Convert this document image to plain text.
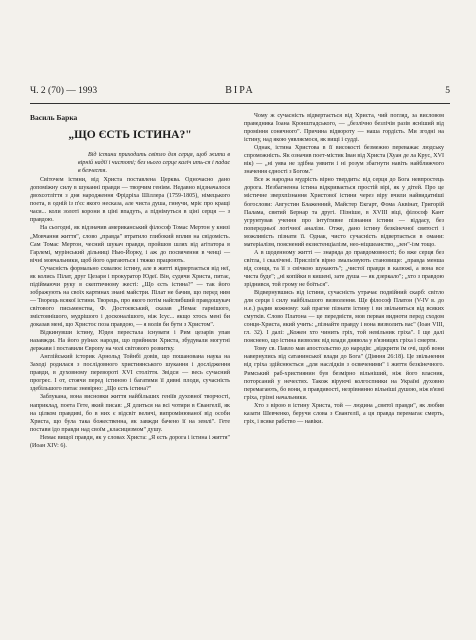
Ч. 2 (70) — 1993	ВІРА	5
Василь Барка
„ЩО ЄСТЬ ІСТИНА?"

Від істини приходить світло для серця, щоб жити в вірній надії і чистоті; без нього серце каліч ить-ся і падає в безчестя.

Світочем істини, від Христа поставлена Церква. Одночасно дано допоміжну силу в шуканні правди — творчим геніям. Недавно відзначалося двохсотліття з дня народження Фрідріха Шіллера (1759-1805), німецького поета, в одній із п'єс якого несказа, але чиста душа, гинучи, мріє про кращі часи... коли золоті корони в ціні впадуть, а піднімуться в ціні серця — з правдою.

На сьогодні, як відзначив американський філософ Томас Мертон у книзі „Мовчання життя", слово „правда" втратило глибокий вплив на свідомість. Сам Томас Мертон, чесний шукач правди, пройшов шлях від агітатора в Гарлемі, мурінський дільниці Нью-Йорку, і аж до посвячення в ченці — вічні мовчальники, щоб його одягаються і тяжко працюють.

Сучасність формально схвалює істину, але в житті відвертається від неї, як колись Пілат, друг Цезаря і прокуратор Юдеї. Він, судячи Христа, питає, підіймаючи руку в скептичному жесті: „Що єсть істина?" — так його зображують на своїх картинах знані майстри. Пілат не бачив, що перед ним — Творець всякої істини. Творець, про якого потім найглибший правдошукач світового письменства, Ф. Достоєвський, сказав „Немає гарнішого, змістовнішого, мудрішого і досконалішого, ніж Ісус... якщо хтось мені би доказав мені, що Христос поза правдою, — я волів би бути з Христом".

Відкинувши істину, Юдея перестала існувати і Рим цезарів упав назавжди. На його руїнах народи, що прийняли Христа, збудували могутні держави і поставили Європу на чолі світового розвитку.

Англійський історик Арнольд Тойнбі довів, що пошанована наука на Заході родилася з послідовного християнського шукання і дослідження правди, в духовному перевороті XVI століття. Звідси — весь сучасний прогрес. І от, стоячи перед істиною і багатими її дивні плоди, сучасність здебільшого питає зневірно: „Що єсть істина?"

Заблукана, вона висновки життя найбільших геніїв духовної творчості, наприклад, поета Гете, який писав: „Я длиться на всі чотири в Євангелії, як на цілком правдиві, бо в них є відсвіт величі, випромінюваної від особи Христа, що була така божественна, як завжди бачено її на землі". Гете постави ідо правди над своїм „класицизмом" душу.

Немає вищої правди, як у словах Христа: „Я єсть дорога і істина і життя" (Иоан XIV: 6).

Чому ж сучасність відвертається від Христа, чий погляд, за висловом праведника Іоана Кронштадського, — „безлічно безлічів разів ясніший від проміння сонячного". Причина відвороту — наша гордість. Ми згодні на істину, над якою уявляємося, як вищі і судді.

Однак, істина Христова в її високості безмежно переважає людську спроможність. Як означив поет-містик Іван від Христа (Хуан де ла Крус, XVI вік) — „ні уява не здібна уявити і ні розум збагнути навіть найближчого значення єдності з Богом."

Все ж народна мудрість вірно твердить: від серця до Бога невпростець дорога. Незбагненна істина відкривається простій вірі, як у дітей. Про це містичне зверхпізнання Христової істини через віру вчили найвидатніші богослови: Августин Блаженний, Майстер Екгарт, Фома Аквінат, Григорій Палама, святий Бернар та другі. Пізніше, в XVIII віці, філософ Кант угрунтував учення про інтуїтивне пізнання істини — віддасу, без попередньої логічної аналізи. Отже, дано істину безкінечної святості і можливість пізнати її. Однак, чисто сучасність відвертається в омани: матеріалізм, пояснений екзистенціалізм, нео-ніцшеанство, „зен"-ізм тощо.

А в щоденному житті — знаряда до правдомовності; бо вже серця без світла, і скалічені. Присліп'я вірно змальовують становище: „правда менша від сонця, та її з свічкою шукають"; „чистої правди в калюжі, а вона все чиста буде"; „ні копійки в кишені, зате душа — як дзеркало"; „хто з правдою зріднився, той грому не боїться".

Відвернувшись від істини, сучасність утрачає подвійний скарб: світло для серця і силу найбільшого визволення. Ще філософ Платон (V-IV в. до н.е.) радив кожному: хай прагне пізнати істину і ви звільниться від всяких смутків. Слово Платона — це передвістя, мов первая видноти перед сходом сонця-Христа, який учить: „пізнайте правду і вона визволить вас" (Іоан VIII, гл. 32). І далі: „Кожен хто чинить гріх, той невільник гріха". І ще далі пояснено, що істина визволяє від влади диявола у в'язницях гріха і смерти.

Тому св. Павло мав апостольство до народів: „відкрити їм очі, щоб вони навернулись від сатанинської влади до Бога" (Діяння 26:18). Це звільнення від гріха здійснюється „для наслідків з освяченими" і життя безкінечного. Римський раб-християнин був безмірно вільніший, ніж його власник, поторсаний у нечестях. Також віруючі колгоспники на Україні духовно перемагають, бо вони, в правдивості, незрівнянно вільніші душою, ніж в'язні гріха, грізні начальники.

Хто з вірою в істину Христа, той — людина „святої правди", як любив казати Шевченко, беручи слова з Євангелії, а ця правда перемагає смерть, гріх, і всяке рабство — навіки.
